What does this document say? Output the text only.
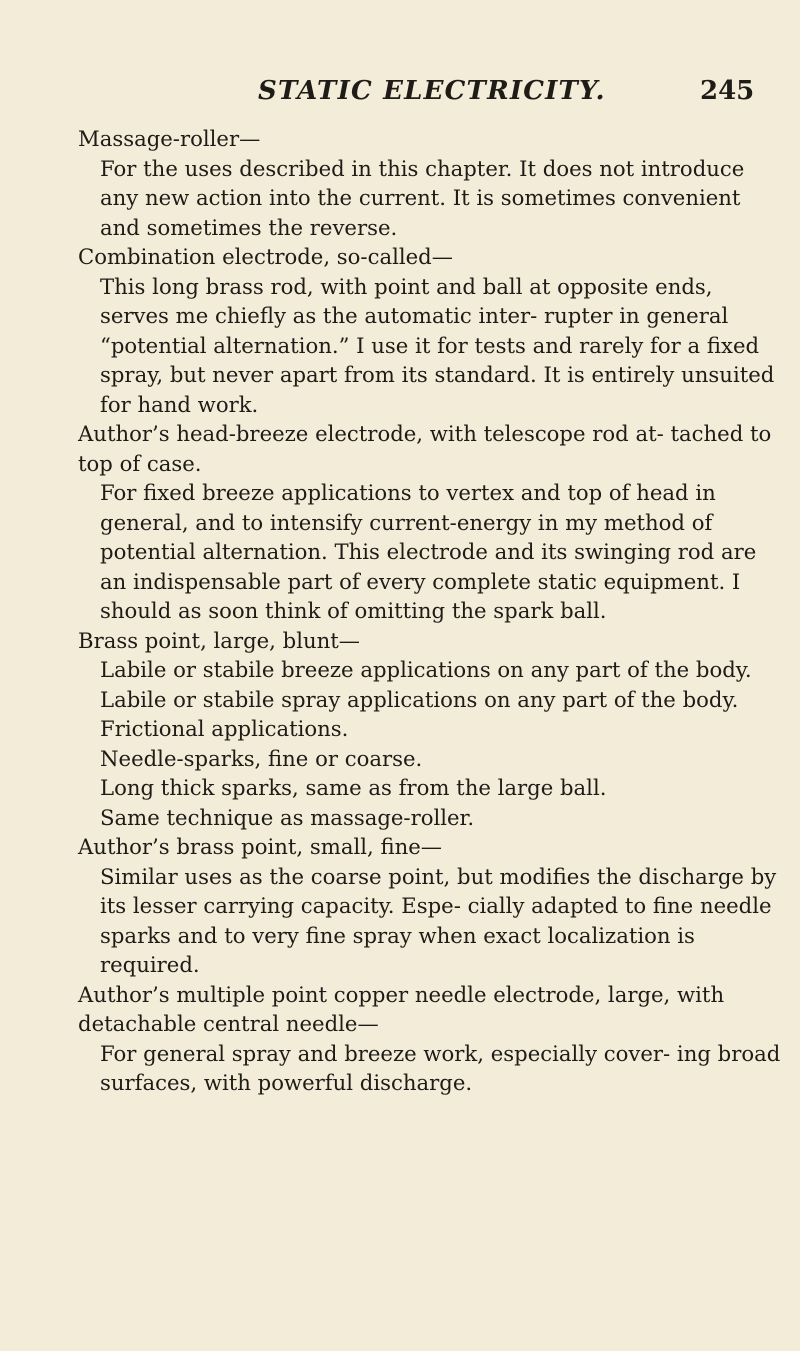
STATIC ELECTRICITY.	245

Massage-roller—

For the uses described in this chapter. It does not introduce any new action into the current. It is sometimes convenient and sometimes the reverse.

Combination electrode, so-called—

This long brass rod, with point and ball at opposite ends, serves me chiefly as the automatic inter- rupter in general “potential alternation.” I use it for tests and rarely for a fixed spray, but never apart from its standard. It is entirely unsuited for hand work.

Author’s head-breeze electrode, with telescope rod at- tached to top of case.

For fixed breeze applications to vertex and top of head in general, and to intensify current-energy in my method of potential alternation. This electrode and its swinging rod are an indispensable part of every complete static equipment. I should as soon think of omitting the spark ball.

Brass point, large, blunt—

Labile or stabile breeze applications on any part of the body.

Labile or stabile spray applications on any part of the body.

Frictional applications.

Needle-sparks, fine or coarse.

Long thick sparks, same as from the large ball.

Same technique as massage-roller.

Author’s brass point, small, fine—

Similar uses as the coarse point, but modifies the discharge by its lesser carrying capacity. Espe- cially adapted to fine needle sparks and to very fine spray when exact localization is required.

Author’s multiple point copper needle electrode, large, with detachable central needle—

For general spray and breeze work, especially cover- ing broad surfaces, with powerful discharge.
